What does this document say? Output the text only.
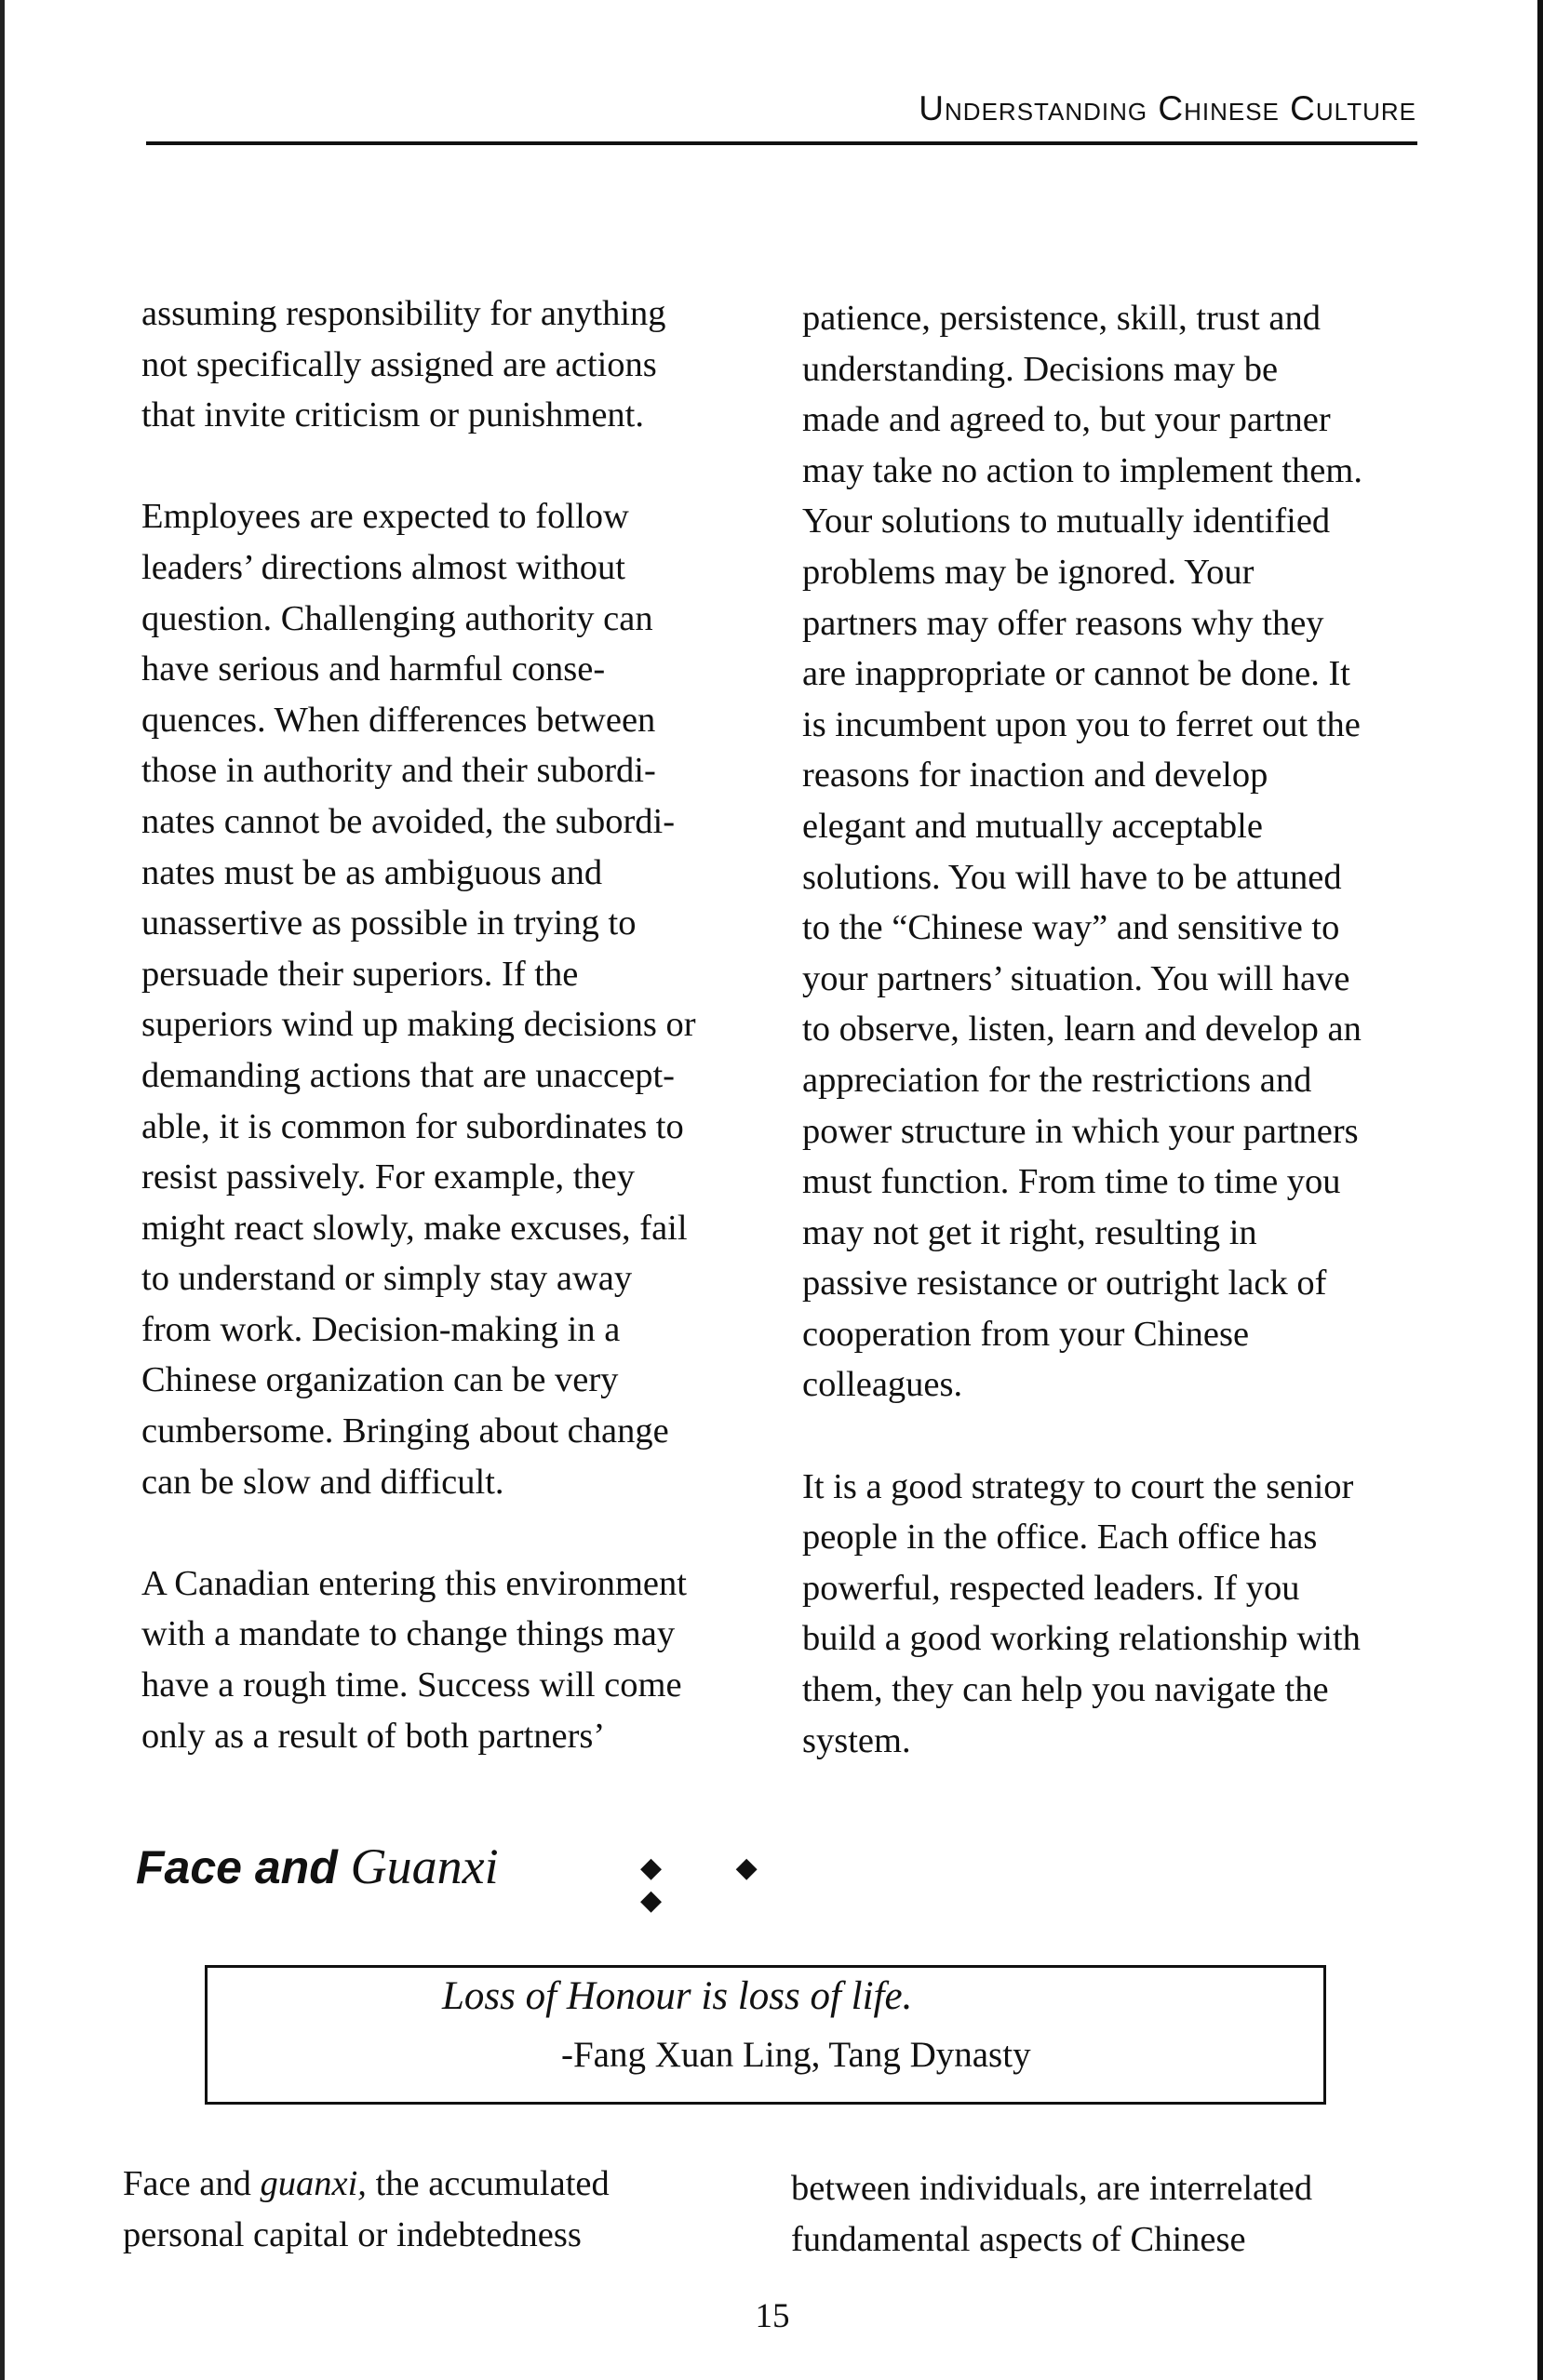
Understanding Chinese Culture

assuming responsibility for anything

not specifically assigned are actions

that invite criticism or punishment.

Employees are expected to follow

leaders’ directions almost without

question. Challenging authority can

have serious and harmful conse-

quences. When differences between

those in authority and their subordi-

nates cannot be avoided, the subordi-

nates must be as ambiguous and

unassertive as possible in trying to

persuade their superiors. If the

superiors wind up making decisions or

demanding actions that are unaccept-

able, it is common for subordinates to

resist passively. For example, they

might react slowly, make excuses, fail

to understand or simply stay away

from work. Decision-making in a

Chinese organization can be very

cumbersome. Bringing about change

can be slow and difficult.

A Canadian entering this environment

with a mandate to change things may

have a rough time. Success will come

only as a result of both partners’

patience, persistence, skill, trust and

understanding. Decisions may be

made and agreed to, but your partner

may take no action to implement them.

Your solutions to mutually identified

problems may be ignored. Your

partners may offer reasons why they

are inappropriate or cannot be done. It

is incumbent upon you to ferret out the

reasons for inaction and develop

elegant and mutually acceptable

solutions. You will have to be attuned

to the “Chinese way” and sensitive to

your partners’ situation. You will have

to observe, listen, learn and develop an

appreciation for the restrictions and

power structure in which your partners

must function. From time to time you

may not get it right, resulting in

passive resistance or outright lack of

cooperation from your Chinese

colleagues.

It is a good strategy to court the senior

people in the office. Each office has

powerful, respected leaders. If you

build a good working relationship with

them, they can help you navigate the

system.

Face and Guanxi	◆ ◆ ◆
Loss of Honour is loss of life.
-Fang Xuan Ling, Tang Dynasty

Face and guanxi, the accumulated

personal capital or indebtedness

between individuals, are interrelated

fundamental aspects of Chinese

15
